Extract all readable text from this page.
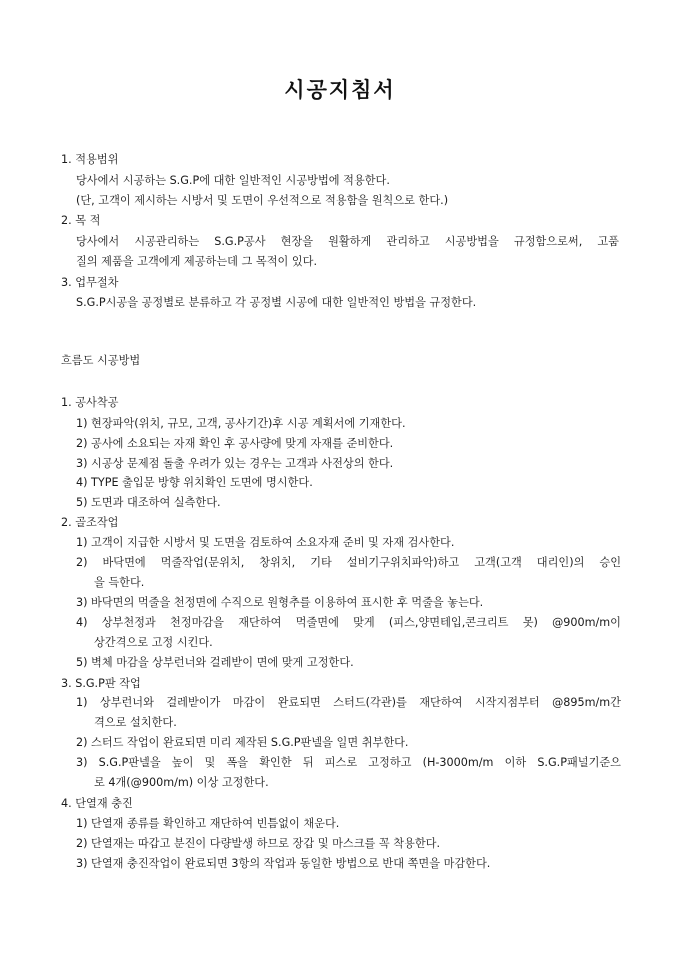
시공지침서
1. 적용범위
당사에서 시공하는 S.G.P에 대한 일반적인 시공방법에 적용한다.
(단, 고객이 제시하는 시방서 및 도면이 우선적으로 적용함을 원칙으로 한다.)
2. 목 적
당사에서 시공관리하는 S.G.P공사 현장을 원활하게 관리하고 시공방법을 규정함으로써, 고품
질의 제품을 고객에게 제공하는데 그 목적이 있다.
3. 업무절차
S.G.P시공을 공정별로 분류하고 각 공정별 시공에 대한 일반적인 방법을 규정한다.
흐름도 시공방법
1. 공사착공
1) 현장파악(위치, 규모, 고객, 공사기간)후 시공 계획서에 기재한다.
2) 공사에 소요되는 자재 확인 후 공사량에 맞게 자재를 준비한다.
3) 시공상 문제점 돌출 우려가 있는 경우는 고객과 사전상의 한다.
4) TYPE 출입문 방향 위치확인 도면에 명시한다.
5) 도면과 대조하여 실측한다.
2. 골조작업
1) 고객이 지급한 시방서 및 도면을 검토하여 소요자재 준비 및 자재 검사한다.
2) 바닥면에 먹줄작업(문위치, 창위치, 기타 설비기구위치파악)하고 고객(고객 대리인)의 승인
을 득한다.
3) 바닥면의 먹줄을 천정면에 수직으로 원형추를 이용하여 표시한 후 먹줄을 놓는다.
4) 상부천정과 천정마감을 재단하여 먹줄면에 맞게 (피스,양면테입,콘크리트 못) @900m/m이
상간격으로 고정 시킨다.
5) 벽체 마감을 상부런너와 걸레받이 면에 맞게 고정한다.
3. S.G.P판 작업
1) 상부런너와 걸레받이가 마감이 완료되면 스터드(각관)를 재단하여 시작지점부터 @895m/m간
격으로 설치한다.
2) 스터드 작업이 완료되면 미리 제작된 S.G.P판넬을 일면 취부한다.
3) S.G.P판넬을 높이 및 폭을 확인한 뒤 피스로 고정하고 (H-3000m/m 이하 S.G.P패널기준으
로 4개(@900m/m) 이상 고정한다.
4. 단열재 충진
1) 단열재 종류를 확인하고 재단하여 빈틈없이 채운다.
2) 단열재는 따갑고 분진이 다량발생 하므로 장갑 및 마스크를 꼭 착용한다.
3) 단열재 충진작업이 완료되면 3항의 작업과 동일한 방법으로 반대 쪽면을 마감한다.
